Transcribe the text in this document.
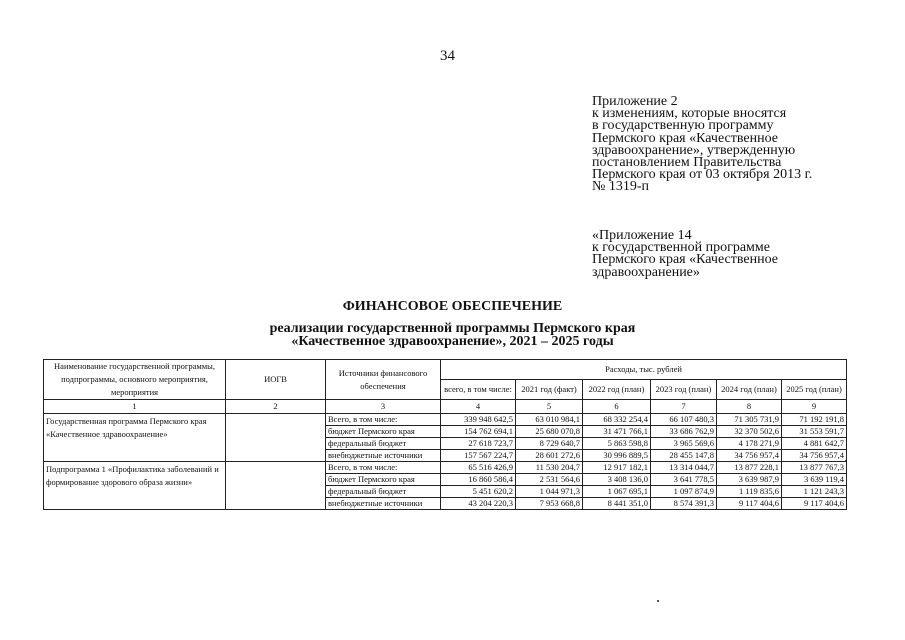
34
Приложение 2
к изменениям, которые вносятся
в государственную программу
Пермского края «Качественное
здравоохранение», утвержденную
постановлением Правительства
Пермского края от 03 октября 2013 г.
№ 1319-п
«Приложение 14
к государственной программе
Пермского края «Качественное
здравоохранение»
ФИНАНСОВОЕ ОБЕСПЕЧЕНИЕ
реализации государственной программы Пермского края
«Качественное здравоохранение», 2021 – 2025 годы
Наименование государственной программы, подпрограммы, основного мероприятия, мероприятия	ИОГВ	Источники финансового обеспечения	Расходы, тыс. рублей					
			всего, в том числе:	2021 год (факт)	2022 год (план)	2023 год (план)	2024 год (план)	2025 год (план)
1	2	3	4	5	6	7	8	9
Государственная программа Пермского края «Качественное здравоохранение»		Всего, в том числе:	339 948 642,5	63 010 984,1	68 332 254,4	66 107 480,3	71 305 731,9	71 192 191,8
		бюджет Пермского края	154 762 694,1	25 680 070,8	31 471 766,1	33 686 762,9	32 370 502,6	31 553 591,7
		федеральный бюджет	27 618 723,7	8 729 640,7	5 863 598,8	3 965 569,6	4 178 271,9	4 881 642,7
		внебюджетные источники	157 567 224,7	28 601 272,6	30 996 889,5	28 455 147,8	34 756 957,4	34 756 957,4
Подпрограмма 1 «Профилактика заболеваний и формирование здорового образа жизни»		Всего, в том числе:	65 516 426,9	11 530 204,7	12 917 182,1	13 314 044,7	13 877 228,1	13 877 767,3
		бюджет Пермского края	16 860 586,4	2 531 564,6	3 408 136,0	3 641 778,5	3 639 987,9	3 639 119,4
		федеральный бюджет	5 451 620,2	1 044 971,3	1 067 695,1	1 097 874,9	1 119 835,6	1 121 243,3
		внебюджетные источники	43 204 220,3	7 953 668,8	8 441 351,0	8 574 391,3	9 117 404,6	9 117 404,6
